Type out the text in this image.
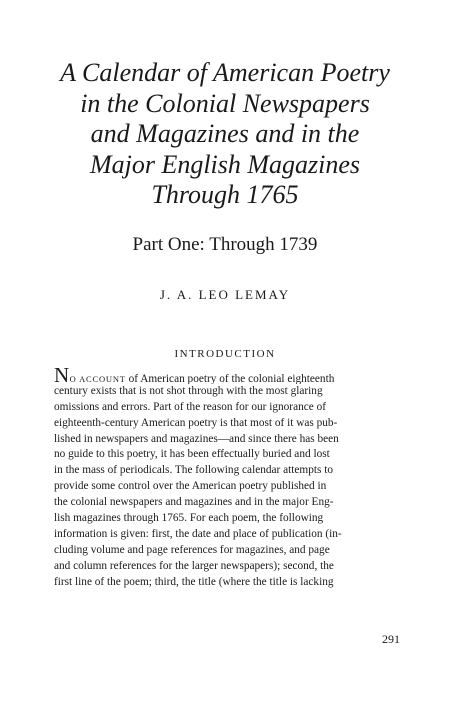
A Calendar of American Poetry
in the Colonial Newspapers
and Magazines and in the
Major English Magazines
Through 1765
Part One: Through 1739
J. A. LEO LEMAY
INTRODUCTION
NO ACCOUNT of American poetry of the colonial eighteenth
century exists that is not shot through with the most glaring
omissions and errors. Part of the reason for our ignorance of
eighteenth-century American poetry is that most of it was pub-
lished in newspapers and magazines—and since there has been
no guide to this poetry, it has been effectually buried and lost
in the mass of periodicals. The following calendar attempts to
provide some control over the American poetry published in
the colonial newspapers and magazines and in the major Eng-
lish magazines through 1765. For each poem, the following
information is given: first, the date and place of publication (in-
cluding volume and page references for magazines, and page
and column references for the larger newspapers); second, the
first line of the poem; third, the title (where the title is lacking
291
